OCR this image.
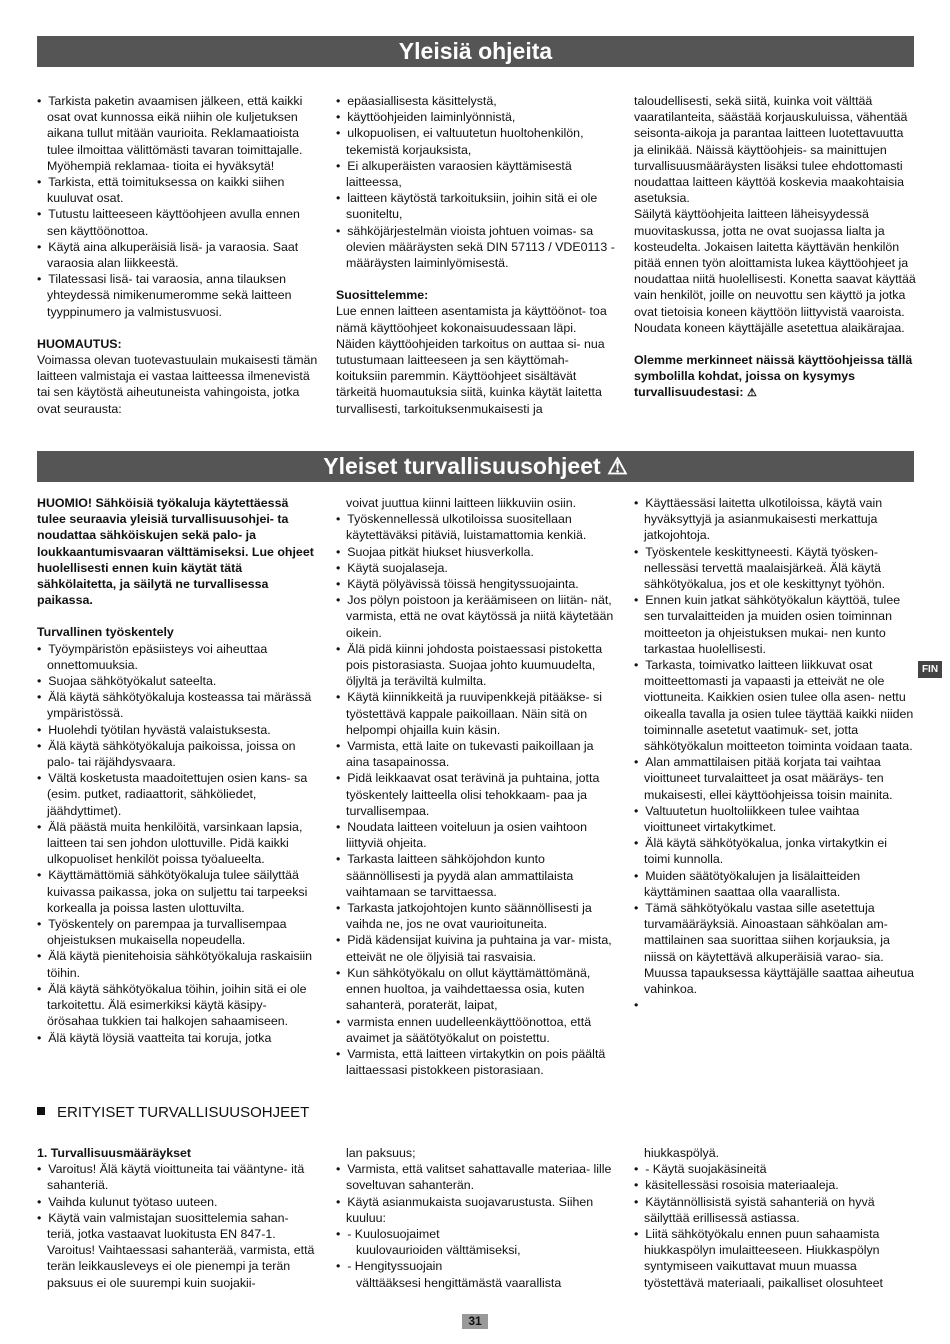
Yleisiä ohjeita

•  Tarkista paketin avaamisen jälkeen, että kaikki osat ovat kunnossa eikä niihin ole kuljetuksen aikana tullut mitään vaurioita. Reklamaatioista tulee ilmoittaa välittömästi tavaran toimittajalle. Myöhempiä reklamaa- tioita ei hyväksytä!

•  Tarkista, että toimituksessa on kaikki siihen kuuluvat osat.

•  Tutustu laitteeseen käyttöohjeen avulla ennen sen käyttöönottoa.

•  Käytä aina alkuperäisiä lisä- ja varaosia. Saat varaosia alan liikkeestä.

•  Tilatessasi lisä- tai varaosia, anna tilauksen yhteydessä nimikenumeromme sekä laitteen tyyppinumero ja valmistusvuosi.

HUOMAUTUS:

Voimassa olevan tuotevastuulain mukaisesti tämän laitteen valmistaja ei vastaa laitteessa ilmenevistä tai sen käytöstä aiheutuneista vahingoista, jotka ovat seurausta:

•  epäasiallisesta käsittelystä,

•  käyttöohjeiden laiminlyönnistä,

•  ulkopuolisen, ei valtuutetun huoltohenkilön, tekemistä korjauksista,

•  Ei alkuperäisten varaosien käyttämisestä laitteessa,

•  laitteen käytöstä tarkoituksiin, joihin sitä ei ole suoniteltu,

•  sähköjärjestelmän vioista johtuen voimas- sa olevien määräysten sekä DIN 57113 / VDE0113 -määräysten laiminlyömisestä.

Suosittelemme:

Lue ennen laitteen asentamista ja käyttöönot- toa nämä käyttöohjeet kokonaisuudessaan läpi.

Näiden käyttöohjeiden tarkoitus on auttaa si- nua tutustumaan laitteeseen ja sen käyttömah- koituksiin paremmin. Käyttöohjeet sisältävät tärkeitä huomautuksia siitä, kuinka käytät laitetta turvallisesti, tarkoituksenmukaisesti ja

taloudellisesti, sekä siitä, kuinka voit välttää vaaratilanteita, säästää korjauskuluissa, vähentää seisonta-aikoja ja parantaa laitteen luotettavuutta ja elinikää. Näissä käyttöohjeis- sa mainittujen turvallisuusmääräysten lisäksi tulee ehdottomasti noudattaa laitteen käyttöä koskevia maakohtaisia asetuksia.

Säilytä käyttöohjeita laitteen läheisyydessä muovitaskussa, jotta ne ovat suojassa lialta ja kosteudelta. Jokaisen laitetta käyttävän henkilön pitää ennen työn aloittamista lukea käyttöohjeet ja noudattaa niitä huolellisesti. Konetta saavat käyttää vain henkilöt, joille on neuvottu sen käyttö ja jotka ovat tietoisia koneen käyttöön liittyvistä vaaroista. Noudata koneen käyttäjälle asetettua alaikärajaa.

Olemme merkinneet näissä käyttöohjeissa tällä symbolilla kohdat, joissa on kysymys turvallisuudestasi: ⚠

Yleiset turvallisuusohjeet ⚠

HUOMIO! Sähköisiä työkaluja käytettäessä tulee seuraavia yleisiä turvallisuusohjei- ta noudattaa sähköiskujen sekä palo- ja loukkaantumisvaaran välttämiseksi. Lue ohjeet huolellisesti ennen kuin käytät tätä sähkölaitetta, ja säilytä ne turvallisessa paikassa.

Turvallinen työskentely

•  Työympäristön epäsiisteys voi aiheuttaa onnettomuuksia.

•  Suojaa sähkötyökalut sateelta.

•  Älä käytä sähkötyökaluja kosteassa tai märässä ympäristössä.

•  Huolehdi työtilan hyvästä valaistuksesta.

•  Älä käytä sähkötyökaluja paikoissa, joissa on palo- tai räjähdysvaara.

•  Vältä kosketusta maadoitettujen osien kans- sa (esim. putket, radiaattorit, sähköliedet, jäähdyttimet).

•  Älä päästä muita henkilöitä, varsinkaan lapsia, laitteen tai sen johdon ulottuville. Pidä kaikki ulkopuoliset henkilöt poissa työalueelta.

•  Käyttämättömiä sähkötyökaluja tulee säilyttää kuivassa paikassa, joka on suljettu tai tarpeeksi korkealla ja poissa lasten ulottuvilta.

•  Työskentely on parempaa ja turvallisempaa ohjeistuksen mukaisella nopeudella.

•  Älä käytä pienitehoisia sähkötyökaluja raskaisiin töihin.

•  Älä käytä sähkötyökalua töihin, joihin sitä ei ole tarkoitettu. Älä esimerkiksi käytä käsipy- örösahaa tukkien tai halkojen sahaamiseen.

•  Älä käytä löysiä vaatteita tai koruja, jotka

voivat juuttua kiinni laitteen liikkuviin osiin.

•  Työskennellessä ulkotiloissa suositellaan käytettäväksi pitäviä, luistamattomia kenkiä.

•  Suojaa pitkät hiukset hiusverkolla.

•  Käytä suojalaseja.

•  Käytä pölyävissä töissä hengityssuojainta.

•  Jos pölyn poistoon ja keräämiseen on liitän- nät, varmista, että ne ovat käytössä ja niitä käytetään oikein.

•  Älä pidä kiinni johdosta poistaessasi pistoketta pois pistorasiasta. Suojaa johto kuumuudelta, öljyltä ja teräviltä kulmilta.

•  Käytä kiinnikkeitä ja ruuvipenkkejä pitääkse- si työstettävä kappale paikoillaan. Näin sitä on helpompi ohjailla kuin käsin.

•  Varmista, että laite on tukevasti paikoillaan ja aina tasapainossa.

•  Pidä leikkaavat osat terävinä ja puhtaina, jotta työskentely laitteella olisi tehokkaam- paa ja turvallisempaa.

•  Noudata laitteen voiteluun ja osien vaihtoon liittyviä ohjeita.

•  Tarkasta laitteen sähköjohdon kunto säännöllisesti ja pyydä alan ammattilaista vaihtamaan se tarvittaessa.

•  Tarkasta jatkojohtojen kunto säännöllisesti ja vaihda ne, jos ne ovat vaurioituneita.

•  Pidä kädensijat kuivina ja puhtaina ja var- mista, etteivät ne ole öljyisiä tai rasvaisia.

•  Kun sähkötyökalu on ollut käyttämättömänä, ennen huoltoa, ja vaihdettaessa osia, kuten sahanterä, poraterät, laipat,

•  varmista ennen uudelleenkäyttöönottoa, että avaimet ja säätötyökalut on poistettu.

•  Varmista, että laitteen virtakytkin on pois päältä laittaessasi pistokkeen pistorasiaan.

•  Käyttäessäsi laitetta ulkotiloissa, käytä vain hyväksyttyjä ja asianmukaisesti merkattuja jatkojohtoja.

•  Työskentele keskittyneesti. Käytä työsken- nellessäsi tervettä maalaisjärkeä. Älä käytä sähkötyökalua, jos et ole keskittynyt työhön.

•  Ennen kuin jatkat sähkötyökalun käyttöä, tulee sen turvalaitteiden ja muiden osien toiminnan moitteeton ja ohjeistuksen mukai- nen kunto tarkastaa huolellisesti.

•  Tarkasta, toimivatko laitteen liikkuvat osat moitteettomasti ja vapaasti ja etteivät ne ole viottuneita. Kaikkien osien tulee olla asen- nettu oikealla tavalla ja osien tulee täyttää kaikki niiden toiminnalle asetetut vaatimuk- set, jotta sähkötyökalun moitteeton toiminta voidaan taata.

•  Alan ammattilaisen pitää korjata tai vaihtaa vioittuneet turvalaitteet ja osat määräys- ten mukaisesti, ellei käyttöohjeissa toisin mainita.

•  Valtuutetun huoltoliikkeen tulee vaihtaa vioittuneet virtakytkimet.

•  Älä käytä sähkötyökalua, jonka virtakytkin ei toimi kunnolla.

•  Muiden säätötyökalujen ja lisälaitteiden käyttäminen saattaa olla vaarallista.

•  Tämä sähkötyökalu vastaa sille asetettuja turvamääräyksiä. Ainoastaan sähköalan am- mattilainen saa suorittaa siihen korjauksia, ja niissä on käytettävä alkuperäisiä varao- sia. Muussa tapauksessa käyttäjälle saattaa aiheutua vahinkoa.

•

FIN
ERITYISET TURVALLISUUSOHJEET

1. Turvallisuusmääräykset

•  Varoitus! Älä käytä vioittuneita tai vääntyne- itä sahanteriä.

•  Vaihda kulunut työtaso uuteen.

•  Käytä vain valmistajan suosittelemia sahan- teriä, jotka vastaavat luokitusta EN 847-1. Varoitus! Vaihtaessasi sahanterää, varmista, että terän leikkausleveys ei ole pienempi ja terän paksuus ei ole suurempi kuin suojakii-

lan paksuus;

•  Varmista, että valitset sahattavalle materiaa- lille soveltuvan sahanterän.

•  Käytä asianmukaista suojavarustusta. Siihen kuuluu:

•  - Kuulosuojaimet

kuulovaurioiden välttämiseksi,

•  - Hengityssuojain

välttääksesi hengittämästä vaarallista

hiukkaspölyä.

•  - Käytä suojakäsineitä

•  käsitellessäsi rosoisia materiaaleja.

•  Käytännöllisistä syistä sahanteriä on hyvä säilyttää erillisessä astiassa.

•  Liitä sähkötyökalu ennen puun sahaamista hiukkaspölyn imulaitteeseen. Hiukkaspölyn syntymiseen vaikuttavat muun muassa työstettävä materiaali, paikalliset olosuhteet

31
